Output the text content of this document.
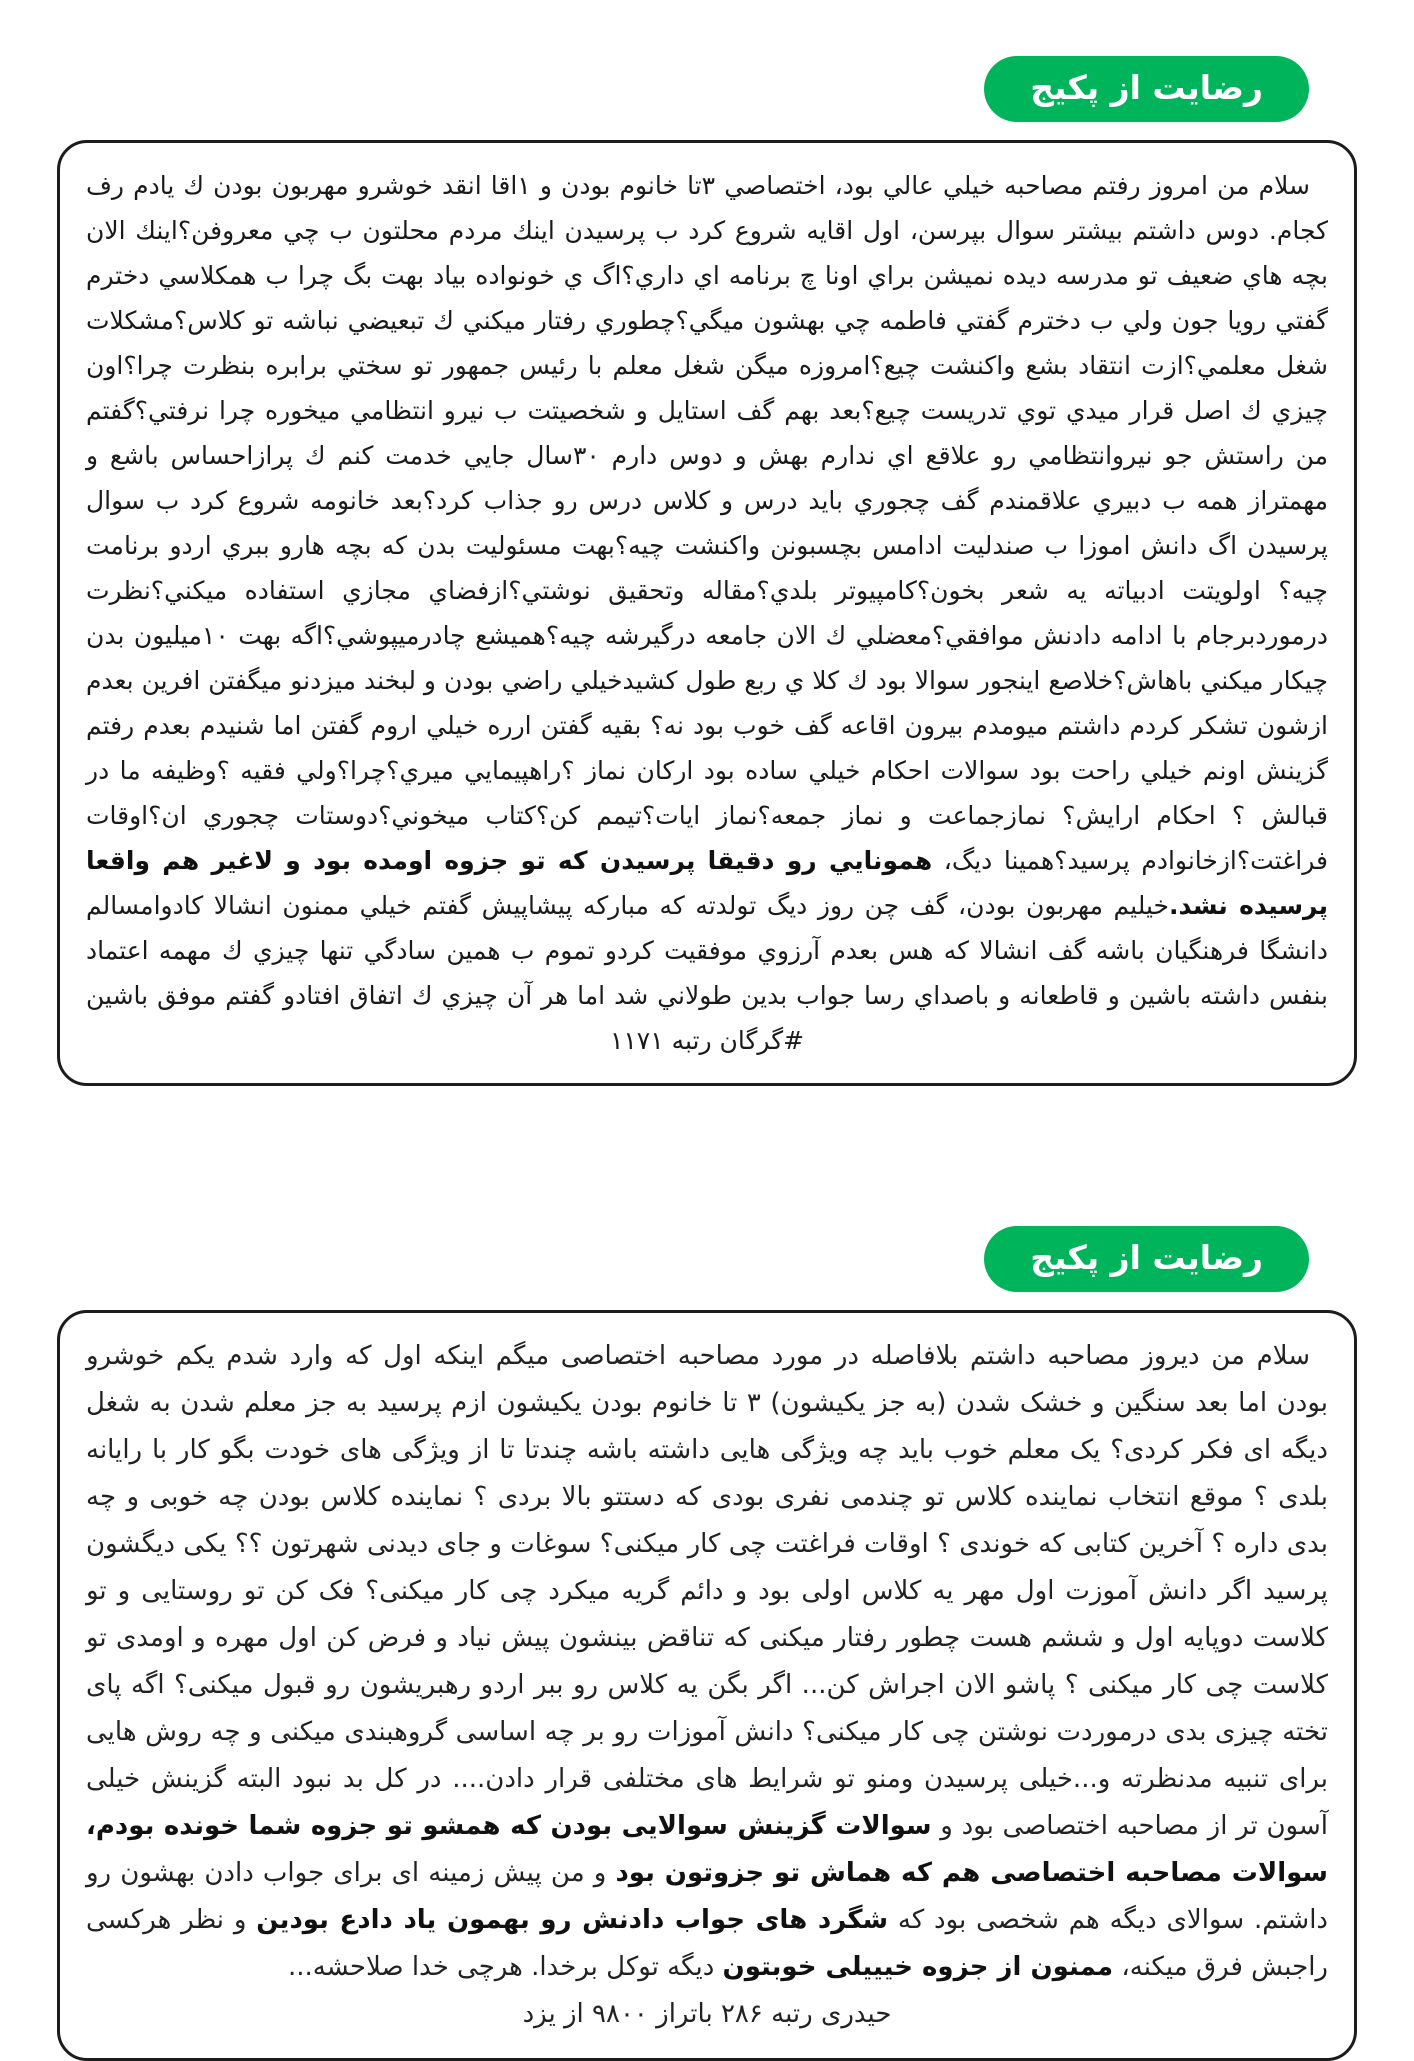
رضایت از پکیج

سلام من امروز رفتم مصاحبه خيلي عالي بود، اختصاصي ۳تا خانوم بودن و ۱اقا انقد خوشرو مهربون بودن ك يادم رف كجام. دوس داشتم بيشتر سوال بپرسن، اول اقايه شروع كرد ب پرسيدن اينك مردم محلتون ب چي معروفن؟اينك الان بچه هاي ضعيف تو مدرسه ديده نميشن براي اونا چ برنامه اي داري؟اگ ي خونواده بياد بهت بگ چرا ب همكلاسي دخترم گفتي رويا جون ولي ب دخترم گفتي فاطمه چي بهشون ميگي؟چطوري رفتار ميكني ك تبعيضي نباشه تو كلاس؟مشكلات شغل معلمي؟ازت انتقاد بشع واكنشت چيع؟امروزه ميگن شغل معلم با رئيس جمهور تو سختي برابره بنظرت چرا؟اون چيزي ك اصل قرار ميدي توي تدريست چيع؟بعد بهم گف استايل و شخصيتت ب نيرو انتظامي ميخوره چرا نرفتي؟گفتم من راستش جو نيروانتظامي رو علاقع اي ندارم بهش و دوس دارم ۳۰سال جايي خدمت كنم ك پرازاحساس باشع و مهمتراز همه ب دبيري علاقمندم گف چجوري بايد درس و كلاس درس رو جذاب كرد؟بعد خانومه شروع كرد ب سوال پرسيدن اگ دانش اموزا ب صندليت ادامس بچسبونن واكنشت چيه؟بهت مسئوليت بدن كه بچه هارو ببري اردو برنامت چيه؟ اولويتت ادبياته يه شعر بخون؟كامپيوتر بلدي؟مقاله وتحقيق نوشتي؟ازفضاي مجازي استفاده ميكني؟نظرت درموردبرجام با ادامه دادنش موافقي؟معضلي ك الان جامعه درگيرشه چيه؟هميشع چادرميپوشي؟اگه بهت ۱۰ميليون بدن چيكار ميكني باهاش؟خلاصع اينجور سوالا بود ك كلا ي ربع طول كشيدخيلي راضي بودن و لبخند ميزدنو ميگفتن افرين بعدم ازشون تشكر كردم داشتم ميومدم بيرون اقاعه گف خوب بود نه؟ بقيه گفتن ارره خيلي اروم گفتن اما شنيدم بعدم رفتم گزينش اونم خيلي راحت بود سوالات احكام خيلي ساده بود اركان نماز ؟راهپيمايي ميري؟چرا؟ولي فقيه ؟وظيفه ما در قبالش ؟ احكام ارايش؟ نمازجماعت و نماز جمعه؟نماز ايات؟تيمم كن؟كتاب ميخوني؟دوستات چجوري ان؟اوقات فراغتت؟ازخانوادم پرسيد؟همينا ديگ، همونايي رو دقيقا پرسيدن كه تو جزوه اومده بود و لاغير هم واقعا پرسيده نشد.خيليم مهربون بودن، گف چن روز ديگ تولدته كه مباركه پيشاپيش گفتم خيلي ممنون انشالا كادوامسالم دانشگا فرهنگيان باشه گف انشالا كه هس بعدم آرزوي موفقيت كردو تموم ب همين سادگي تنها چيزي ك مهمه اعتماد بنفس داشته باشين و قاطعانه و باصداي رسا جواب بدين طولاني شد اما هر آن چيزي ك اتفاق افتادو گفتم موفق باشين #گرگان رتبه ۱۱۷۱

رضایت از پکیج

سلام من ديروز مصاحبه داشتم بلافاصله در مورد مصاحبه اختصاصی ميگم اينكه اول كه وارد شدم يكم خوشرو بودن اما بعد سنگين و خشک شدن (به جز يكيشون) ۳ تا خانوم بودن يكيشون ازم پرسيد به جز معلم شدن به شغل ديگه ای فكر كردی؟ يک معلم خوب بايد چه ويژگی هايی داشته باشه چندتا تا از ويژگی های خودت بگو كار با رايانه بلدی ؟ موقع انتخاب نماينده كلاس تو چندمی نفری بودی كه دستتو بالا بردی ؟ نماينده كلاس بودن چه خوبی و چه بدی داره ؟ آخرين كتابی كه خوندی ؟ اوقات فراغتت چی كار ميكنی؟ سوغات و جای ديدنی شهرتون ؟؟ يكی ديگشون پرسيد اگر دانش آموزت اول مهر يه كلاس اولی بود و دائم گريه ميكرد چی كار ميكنی؟ فک كن تو روستايی و تو كلاست دوپايه اول و ششم هست چطور رفتار ميكنی كه تناقض بينشون پيش نياد و فرض كن اول مهره و اومدی تو كلاست چی كار ميكنی ؟ پاشو الان اجراش كن... اگر بگن يه كلاس رو ببر اردو رهبريشون رو قبول ميكنی؟ اگه پای تخته چيزی بدی درموردت نوشتن چی كار ميكنی؟ دانش آموزات رو بر چه اساسی گروهبندی ميكنی و چه روش هايی برای تنبيه مدنظرته و...خيلی پرسيدن ومنو تو شرايط های مختلفی قرار دادن.... در كل بد نبود البته گزينش خيلی آسون تر از مصاحبه اختصاصی بود و سوالات گزينش سوالايی بودن كه همشو تو جزوه شما خونده بودم، سوالات مصاحبه اختصاصی هم كه هماش تو جزوتون بود و من پيش زمينه ای برای جواب دادن بهشون رو داشتم. سوالای ديگه هم شخصی بود كه شگرد های جواب دادنش رو بهمون ياد دادع بودين و نظر هركسی راجبش فرق ميكنه، ممنون از جزوه خيييلی خوبتون ديگه توكل برخدا. هرچی خدا صلاحشه...

حيدری رتبه ۲۸۶ باتراز ۹۸۰۰ از يزد
